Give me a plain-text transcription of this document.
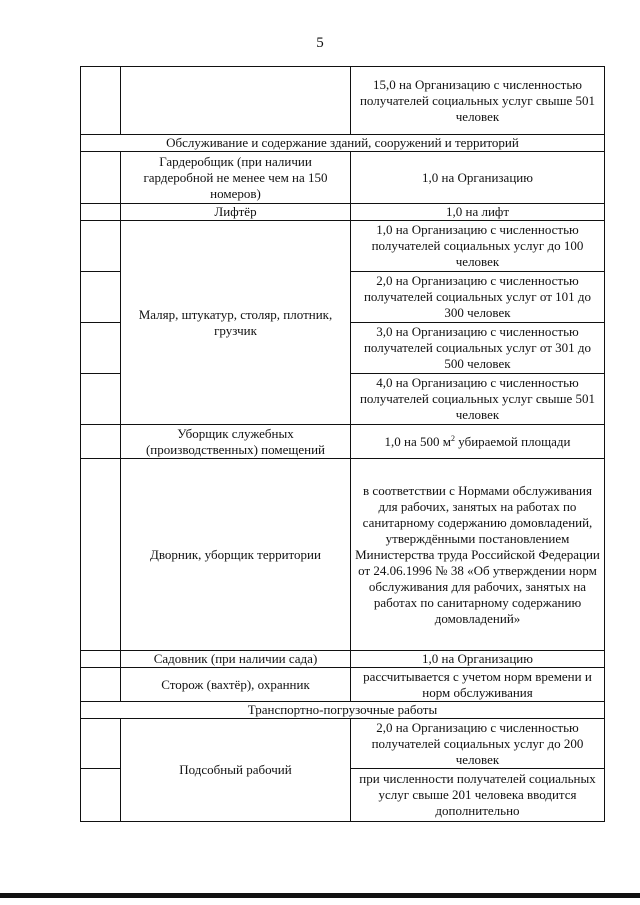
5
		15,0 на Организацию с численностью получателей социальных услуг свыше 501 человек
Обслуживание и содержание зданий, сооружений и территорий		
	Гардеробщик (при наличии гардеробной не менее чем на 150 номеров)	1,0 на Организацию
	Лифтёр	1,0 на лифт
	Маляр, штукатур, столяр, плотник, грузчик	1,0 на Организацию с численностью получателей социальных услуг до 100 человек
		2,0 на Организацию с численностью получателей социальных услуг от 101 до 300 человек
		3,0 на Организацию с численностью получателей социальных услуг от 301 до 500 человек
		4,0 на Организацию с численностью получателей социальных услуг свыше 501 человек
	Уборщик служебных (производственных) помещений	1,0 на 500 $м^2$ убираемой площади
	Дворник, уборщик территории	в соответствии с Нормами обслуживания для рабочих, занятых на работах по санитарному содержанию домовладений, утверждёнными постановлением Министерства труда Российской Федерации от 24.06.1996 № 38 «Об утверждении норм обслуживания для рабочих, занятых на работах по санитарному содержанию домовладений»
	Садовник (при наличии сада)	1,0 на Организацию
	Сторож (вахтёр), охранник	рассчитывается с учетом норм времени и норм обслуживания
Транспортно-погрузочные работы		
	Подсобный рабочий	2,0 на Организацию с численностью получателей социальных услуг до 200 человек
		при численности получателей социальных услуг свыше 201 человека вводится дополнительно
